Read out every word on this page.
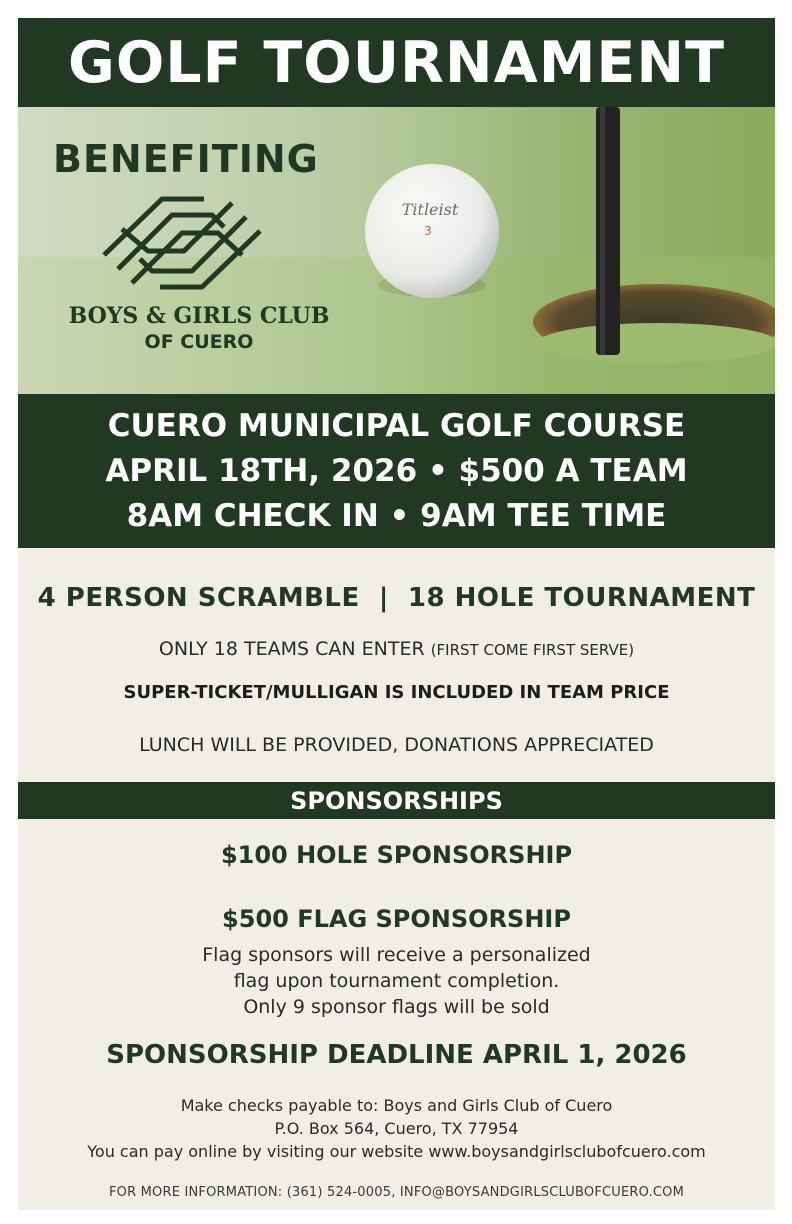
GOLF TOURNAMENT
BENEFITING
BOYS & GIRLS CLUB
OF CUERO
CUERO MUNICIPAL GOLF COURSE
APRIL 18TH, 2026 • $500 A TEAM
8AM CHECK IN • 9AM TEE TIME
4 PERSON SCRAMBLE  |  18 HOLE TOURNAMENT
ONLY 18 TEAMS CAN ENTER (FIRST COME FIRST SERVE)
SUPER-TICKET/MULLIGAN IS INCLUDED IN TEAM PRICE
LUNCH WILL BE PROVIDED, DONATIONS APPRECIATED
SPONSORSHIPS
$100 HOLE SPONSORSHIP
$500 FLAG SPONSORSHIP
Flag sponsors will receive a personalized
flag upon tournament completion.
Only 9 sponsor flags will be sold
SPONSORSHIP DEADLINE APRIL 1, 2026
Make checks payable to: Boys and Girls Club of Cuero
P.O. Box 564, Cuero, TX 77954
You can pay online by visiting our website www.boysandgirlsclubofcuero.com
FOR MORE INFORMATION: (361) 524-0005, INFO@BOYSANDGIRLSCLUBOFCUERO.COM
